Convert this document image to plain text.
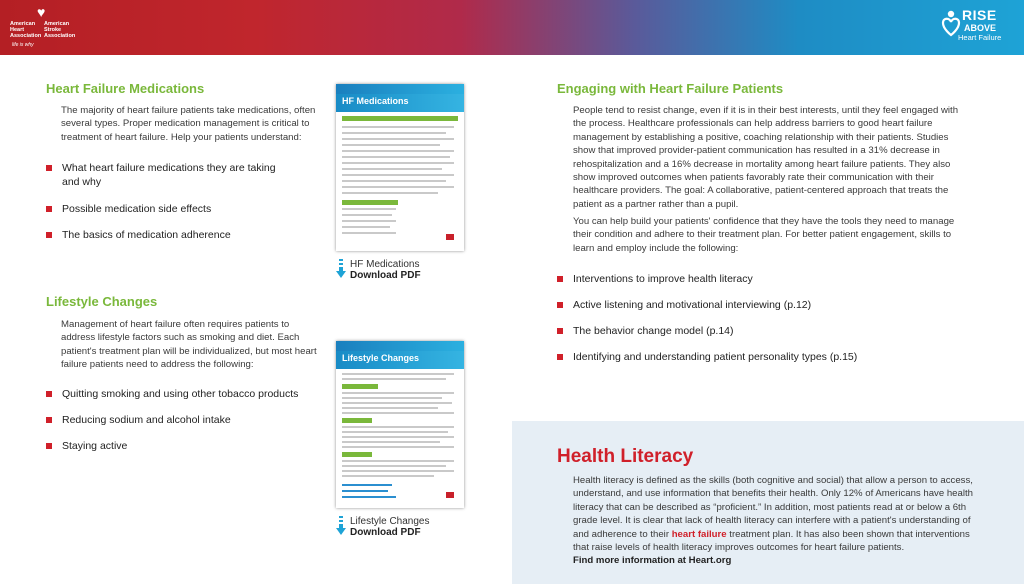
♥
American Heart Association
American Stroke Association
life is why
RISE
ABOVE
Heart Failure
Heart Failure Medications
The majority of heart failure patients take medications, often several types. Proper medication management is critical to treatment of heart failure. Help your patients understand:
What heart failure medications they are taking and why
Possible medication side effects
The basics of medication adherence
HF Medications
HF Medications
Download PDF
Lifestyle Changes
Management of heart failure often requires patients to address lifestyle factors such as smoking and diet. Each patient's treatment plan will be individualized, but most heart failure patients need to address the following:
Quitting smoking and using other tobacco products
Reducing sodium and alcohol intake
Staying active
Lifestyle Changes
Lifestyle Changes
Download PDF
Engaging with Heart Failure Patients
People tend to resist change, even if it is in their best interests, until they feel engaged with the process. Healthcare professionals can help address barriers to good heart failure management by establishing a positive, coaching relationship with their patients. Studies show that improved provider-patient communication has resulted in a 31% decrease in rehospitalization and a 16% decrease in mortality among heart failure patients. They also show improved outcomes when patients favorably rate their communication with their healthcare providers. The goal: A collaborative, patient-centered approach that treats the patient as a partner rather than a pupil.
You can help build your patients' confidence that they have the tools they need to manage their condition and adhere to their treatment plan. For better patient engagement, skills to learn and employ include the following:
Interventions to improve health literacy
Active listening and motivational interviewing (p.12)
The behavior change model (p.14)
Identifying and understanding patient personality types (p.15)
Health Literacy
Health literacy is defined as the skills (both cognitive and social) that allow a person to access, understand, and use information that benefits their health. Only 12% of Americans have health literacy that can be described as “proficient.” In addition, most patients read at or below a 6th grade level. It is clear that lack of health literacy can interfere with a patient's understanding of and adherence to their heart failure treatment plan. It has also been shown that interventions that raise levels of health literacy improves outcomes for heart failure patients.
Find more information at Heart.org
